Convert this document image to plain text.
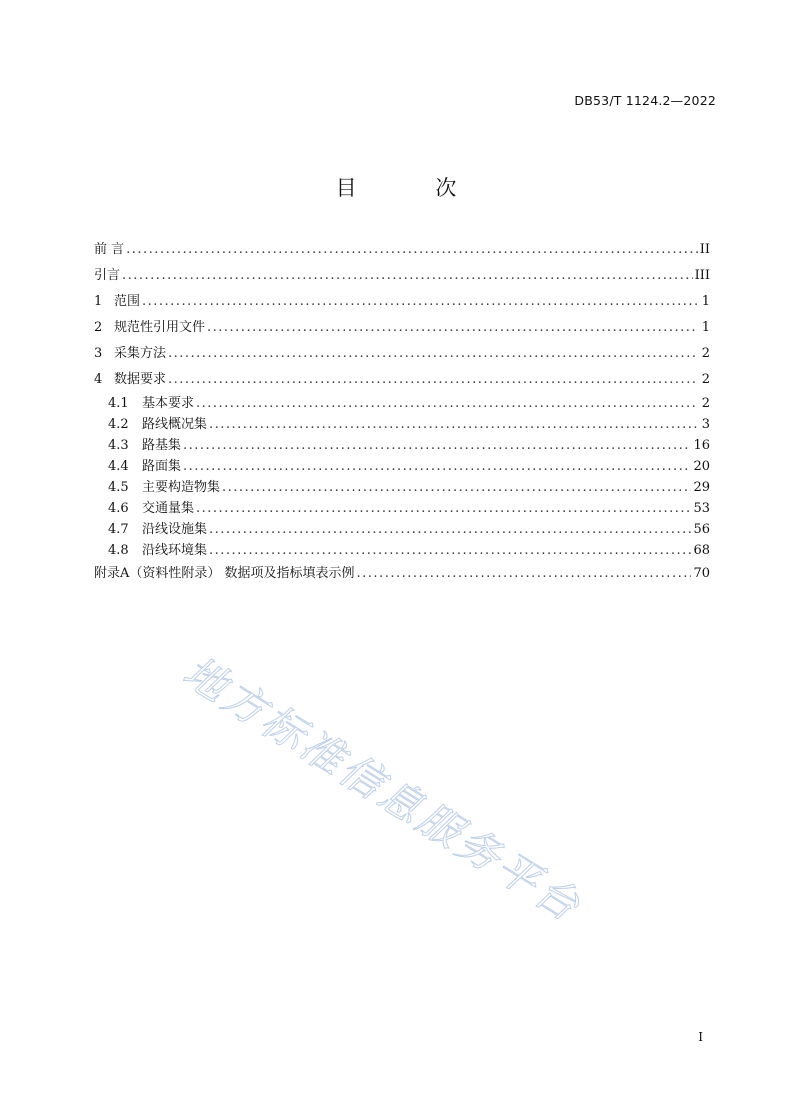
DB53/T 1124.2—2022
目 次
前 言 .....	II
引言 .....	III
1 范围 .....	1
2 规范性引用文件 .....	1
3 采集方法 .....	2
4 数据要求 .....	2
4.1	基本要求 .....	2
4.2	路线概况集 .....	3
4.3	路基集 .....	16
4.4	路面集 .....	20
4.5	主要构造物集 .....	29
4.6	交通量集 .....	53
4.7	沿线设施集 .....	56
4.8	沿线环境集 .....	68
附录A（资料性附录） 数据项及指标填表示例 .....	70
地方标准信息服务平台
I
